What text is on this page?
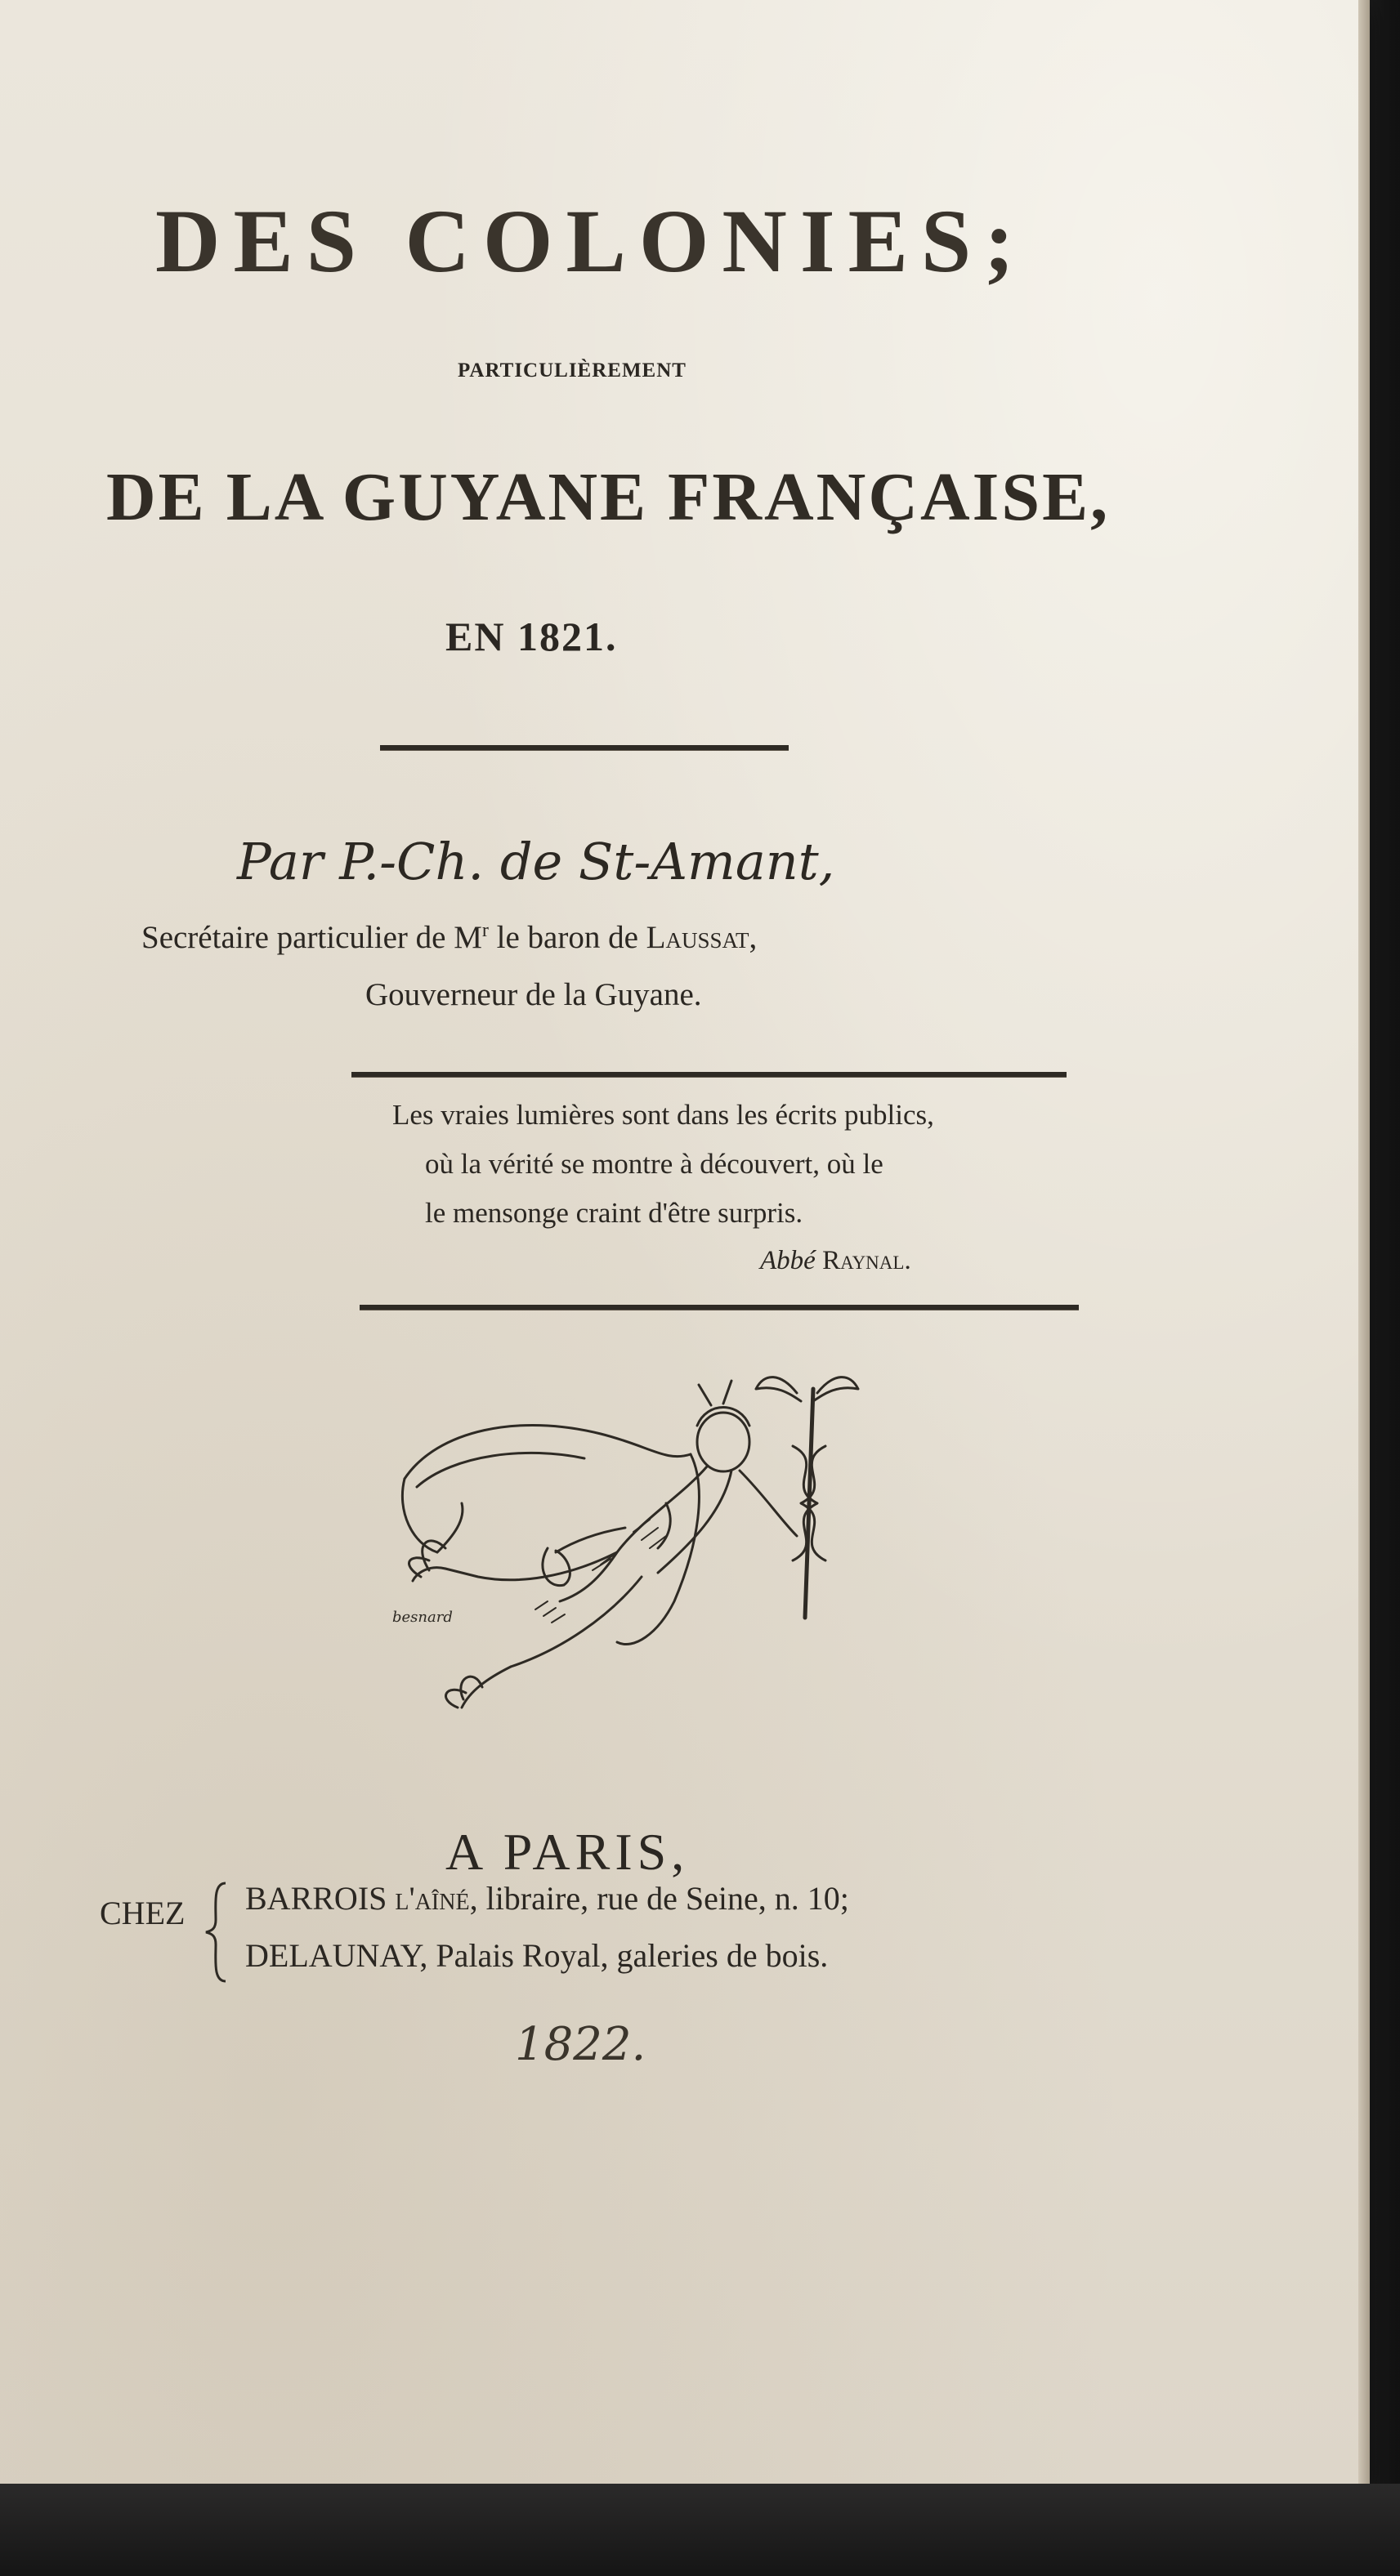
DES COLONIES;
PARTICULIÈREMENT
DE LA GUYANE FRANÇAISE,
EN 1821.
Par P.-Ch. de St-Amant,
Secrétaire particulier de $M^r$ le baron de Laussat,
Gouverneur de la Guyane.
Les vraies lumières sont dans les écrits publics,
où la vérité se montre à découvert, où le
le mensonge craint d'être surpris.
Abbé Raynal.
besnard
A PARIS,
CHEZ	BARROIS l'aîné, libraire, rue de Seine, n. 10;
DELAUNAY, Palais Royal, galeries de bois.
1822.
